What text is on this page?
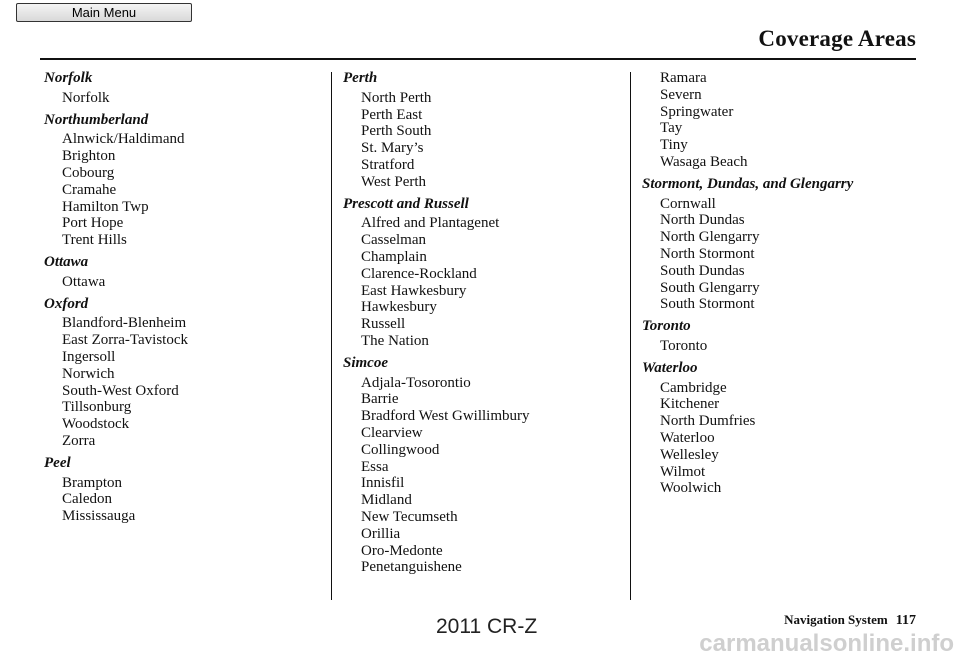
Main Menu
Coverage Areas
Norfolk
Norfolk
Northumberland
Alnwick/Haldimand
Brighton
Cobourg
Cramahe
Hamilton Twp
Port Hope
Trent Hills
Ottawa
Ottawa
Oxford
Blandford-Blenheim
East Zorra-Tavistock
Ingersoll
Norwich
South-West Oxford
Tillsonburg
Woodstock
Zorra
Peel
Brampton
Caledon
Mississauga
Perth
North Perth
Perth East
Perth South
St. Mary’s
Stratford
West Perth
Prescott and Russell
Alfred and Plantagenet
Casselman
Champlain
Clarence-Rockland
East Hawkesbury
Hawkesbury
Russell
The Nation
Simcoe
Adjala-Tosorontio
Barrie
Bradford West Gwillimbury
Clearview
Collingwood
Essa
Innisfil
Midland
New Tecumseth
Orillia
Oro-Medonte
Penetanguishene
Ramara
Severn
Springwater
Tay
Tiny
Wasaga Beach
Stormont, Dundas, and Glengarry
Cornwall
North Dundas
North Glengarry
North Stormont
South Dundas
South Glengarry
South Stormont
Toronto
Toronto
Waterloo
Cambridge
Kitchener
North Dumfries
Waterloo
Wellesley
Wilmot
Woolwich
Navigation System 117
2011 CR-Z
carmanualsonline.info
